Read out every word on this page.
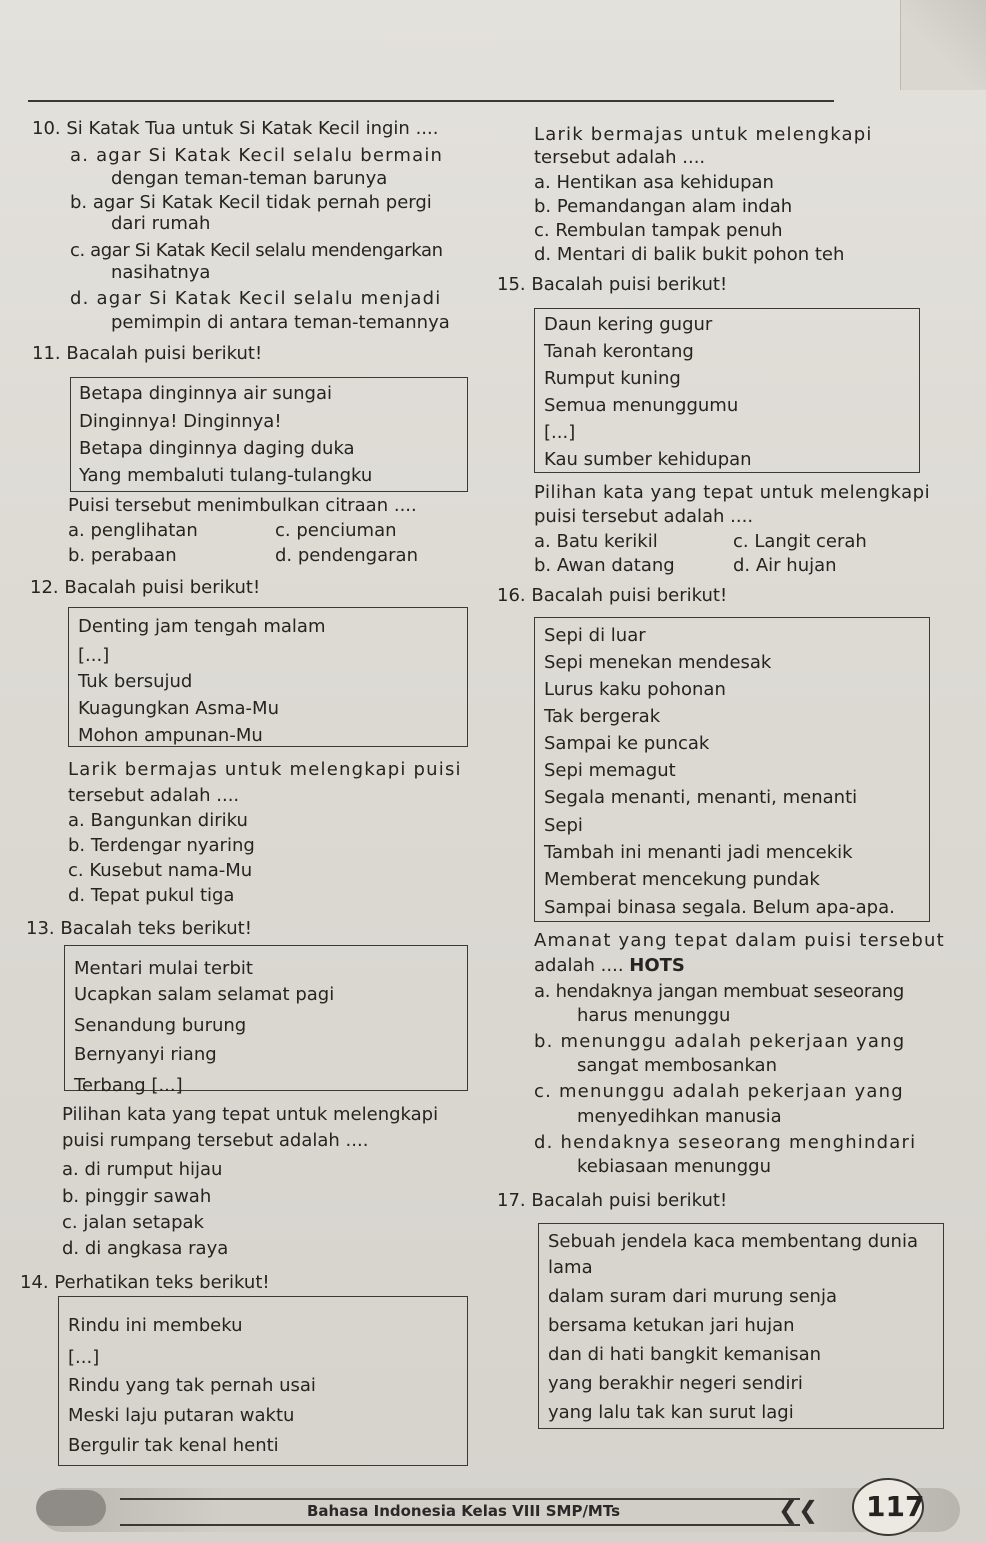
10. Si Katak Tua untuk Si Katak Kecil ingin ....
a. agar Si Katak Kecil selalu bermain
dengan teman-teman barunya
b. agar Si Katak Kecil tidak pernah pergi
dari rumah
c. agar Si Katak Kecil selalu mendengarkan
nasihatnya
d. agar Si Katak Kecil selalu menjadi
pemimpin di antara teman-temannya
11. Bacalah puisi berikut!
Betapa dinginnya air sungai
Dinginnya! Dinginnya!
Betapa dinginnya daging duka
Yang membaluti tulang-tulangku
Puisi tersebut menimbulkan citraan ....
a. penglihatan	c. penciuman
b. perabaan	d. pendengaran
12. Bacalah puisi berikut!
Denting jam tengah malam
[...]
Tuk bersujud
Kuagungkan Asma-Mu
Mohon ampunan-Mu
Larik bermajas untuk melengkapi puisi
tersebut adalah ....
a. Bangunkan diriku
b. Terdengar nyaring
c. Kusebut nama-Mu
d. Tepat pukul tiga
13. Bacalah teks berikut!
Mentari mulai terbit
Ucapkan salam selamat pagi
Senandung burung
Bernyanyi riang
Terbang [...]
Pilihan kata yang tepat untuk melengkapi
puisi rumpang tersebut adalah ....
a. di rumput hijau
b. pinggir sawah
c. jalan setapak
d. di angkasa raya
14. Perhatikan teks berikut!
Rindu ini membeku
[...]
Rindu yang tak pernah usai
Meski laju putaran waktu
Bergulir tak kenal henti
Larik bermajas untuk melengkapi
tersebut adalah ....
a. Hentikan asa kehidupan
b. Pemandangan alam indah
c. Rembulan tampak penuh
d. Mentari di balik bukit pohon teh
15. Bacalah puisi berikut!
Daun kering gugur
Tanah kerontang
Rumput kuning
Semua menunggumu
[...]
Kau sumber kehidupan
Pilihan kata yang tepat untuk melengkapi
puisi tersebut adalah ....
a. Batu kerikil	c. Langit cerah
b. Awan datang	d. Air hujan
16. Bacalah puisi berikut!
Sepi di luar
Sepi menekan mendesak
Lurus kaku pohonan
Tak bergerak
Sampai ke puncak
Sepi memagut
Segala menanti, menanti, menanti
Sepi
Tambah ini menanti jadi mencekik
Memberat mencekung pundak
Sampai binasa segala. Belum apa-apa.
Amanat yang tepat dalam puisi tersebut
adalah .... HOTS
a. hendaknya jangan membuat seseorang
harus menunggu
b. menunggu adalah pekerjaan yang
sangat membosankan
c. menunggu adalah pekerjaan yang
menyedihkan manusia
d. hendaknya seseorang menghindari
kebiasaan menunggu
17. Bacalah puisi berikut!
Sebuah jendela kaca membentang dunia
lama
dalam suram dari murung senja
bersama ketukan jari hujan
dan di hati bangkit kemanisan
yang berakhir negeri sendiri
yang lalu tak kan surut lagi
Bahasa Indonesia Kelas VIII SMP/MTs	❮❮ 117
